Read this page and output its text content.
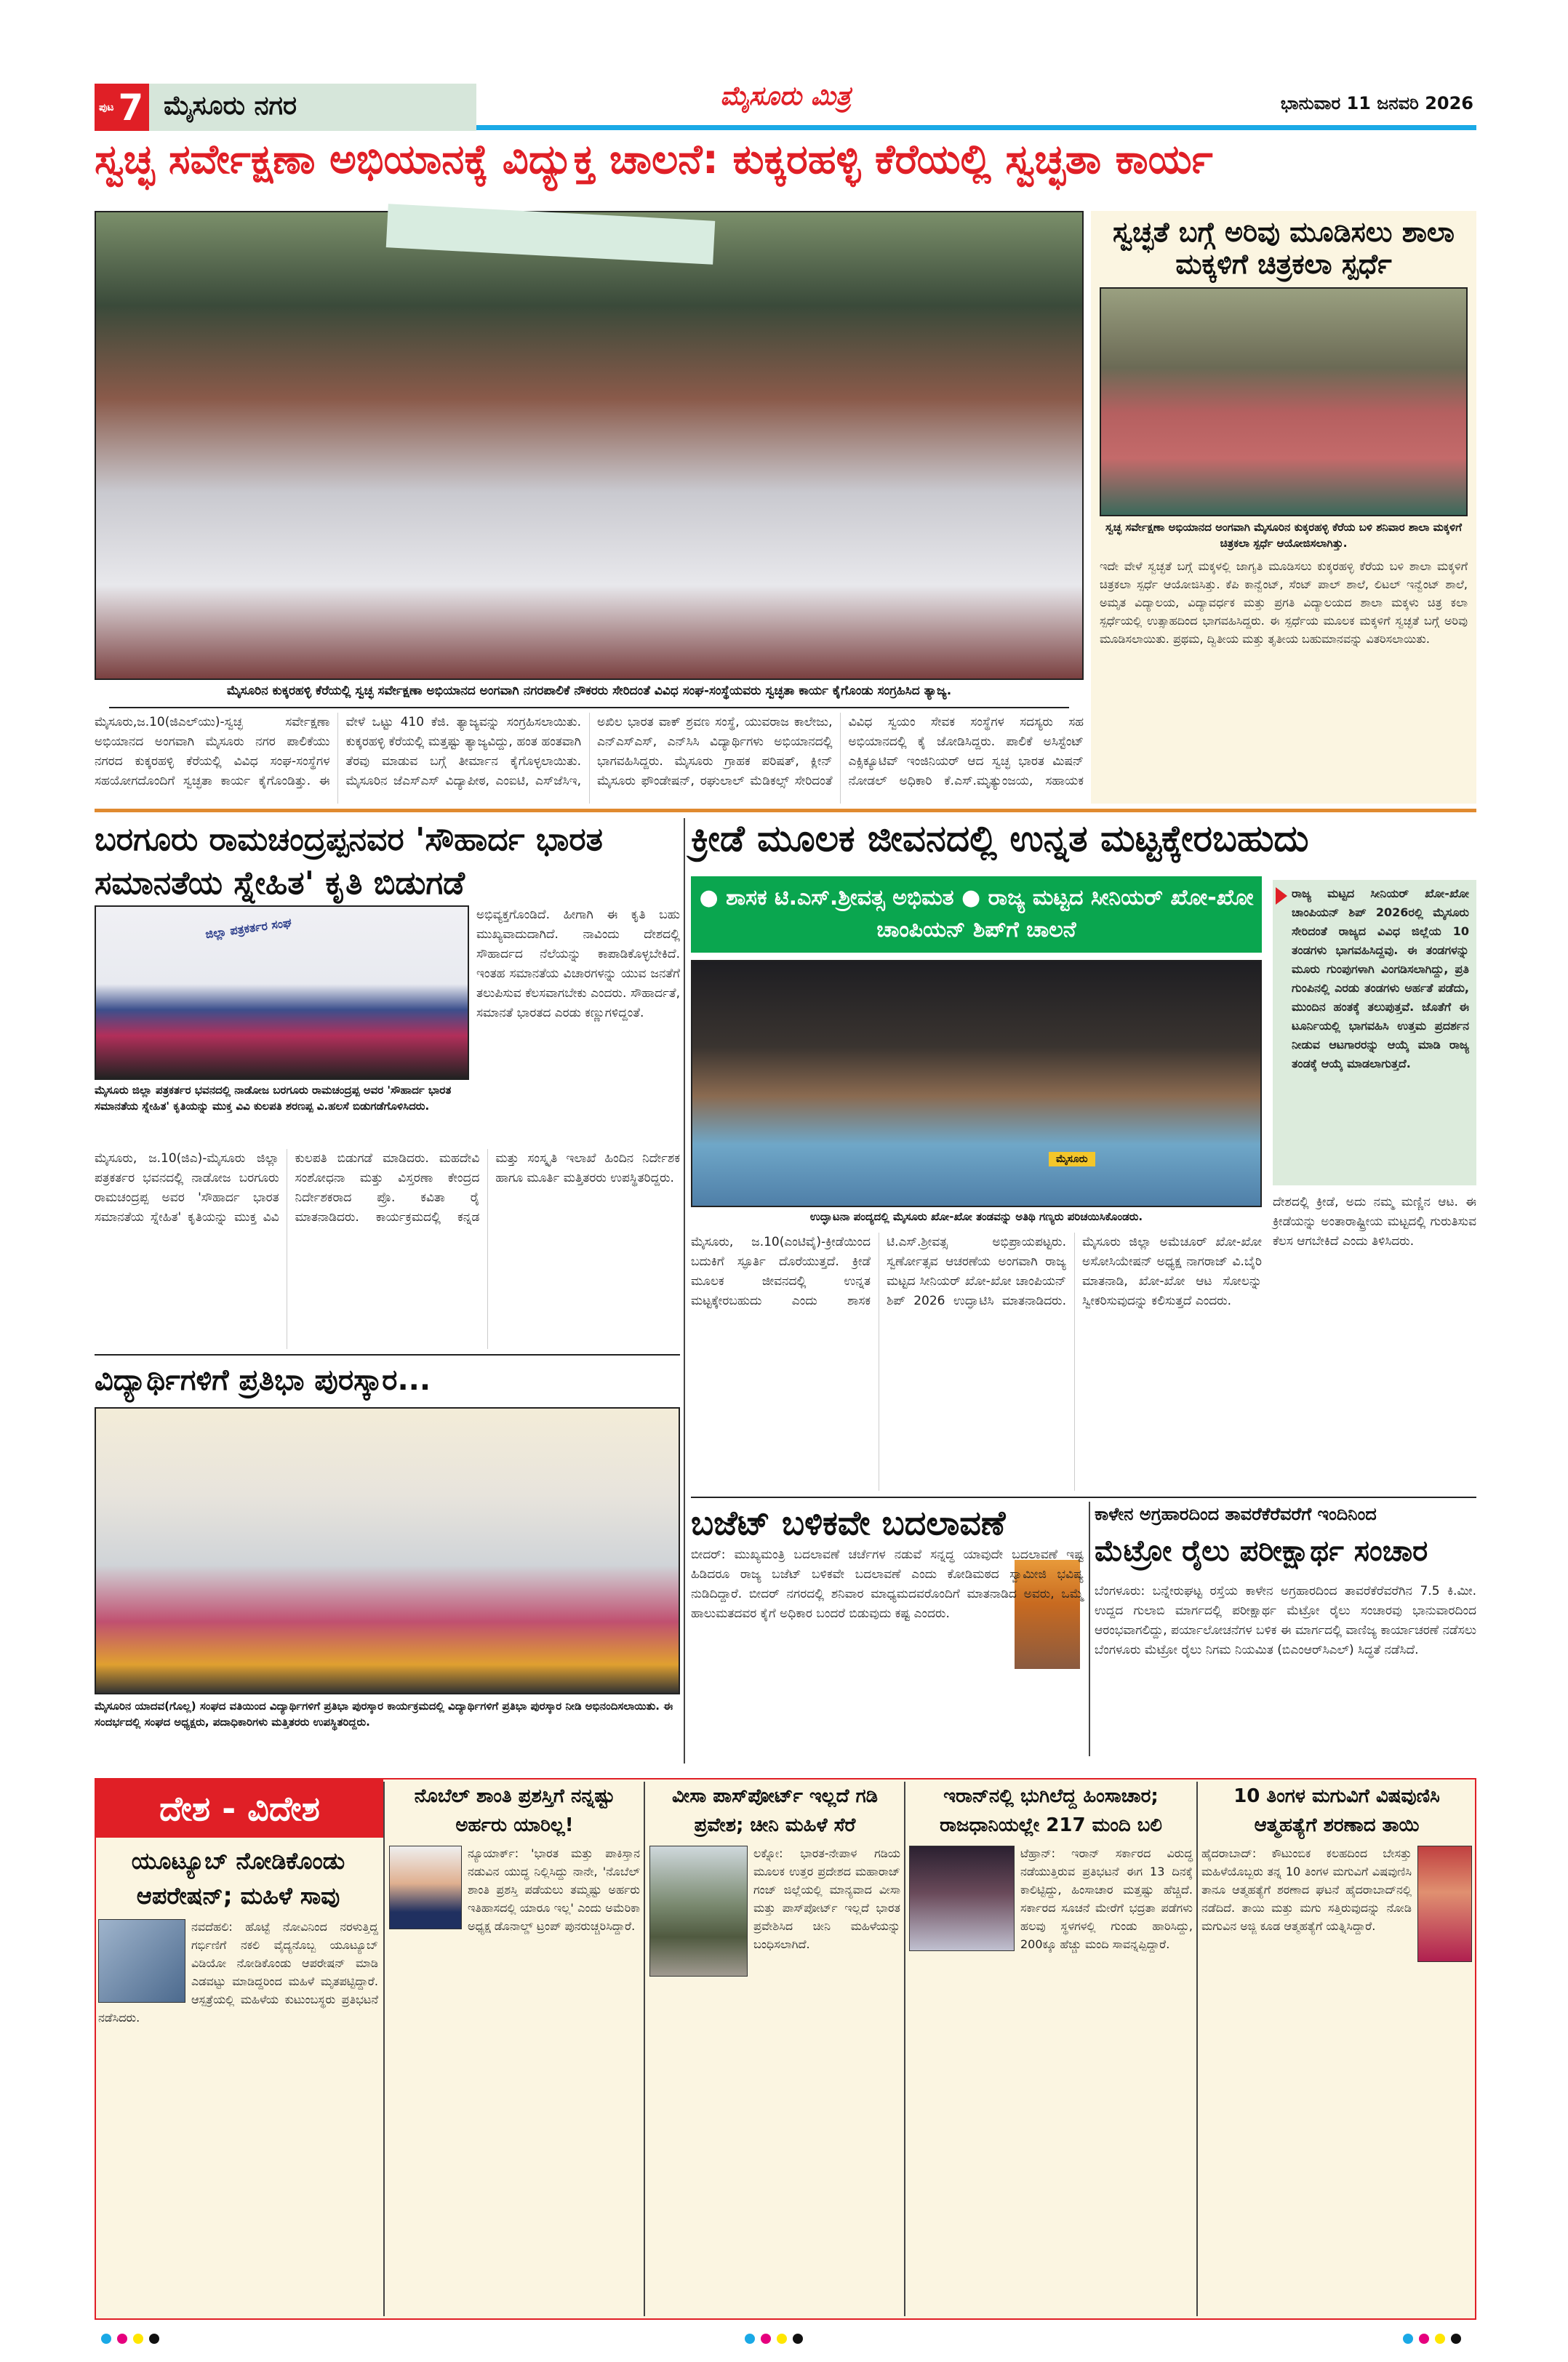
ಪುಟ 7 ಮೈಸೂರು ನಗರ	ಮೈಸೂರು ಮಿತ್ರ	ಭಾನುವಾರ 11 ಜನವರಿ 2026
ಸ್ವಚ್ಛ ಸರ್ವೇಕ್ಷಣಾ ಅಭಿಯಾನಕ್ಕೆ ವಿದ್ಯುಕ್ತ ಚಾಲನೆ: ಕುಕ್ಕರಹಳ್ಳಿ ಕೆರೆಯಲ್ಲಿ ಸ್ವಚ್ಛತಾ ಕಾರ್ಯ
ಮೈಸೂರಿನ ಕುಕ್ಕರಹಳ್ಳಿ ಕೆರೆಯಲ್ಲಿ ಸ್ವಚ್ಛ ಸರ್ವೇಕ್ಷಣಾ ಅಭಿಯಾನದ ಅಂಗವಾಗಿ ನಗರಪಾಲಿಕೆ ನೌಕರರು ಸೇರಿದಂತೆ ವಿವಿಧ ಸಂಘ-ಸಂಸ್ಥೆಯವರು ಸ್ವಚ್ಛತಾ ಕಾರ್ಯ ಕೈಗೊಂಡು ಸಂಗ್ರಹಿಸಿದ ತ್ಯಾಜ್ಯ.
ಮೈಸೂರು,ಜ.10(ಜಿಎಲ್‌ಯು)-ಸ್ವಚ್ಛ ಸರ್ವೇಕ್ಷಣಾ ಅಭಿಯಾನದ ಅಂಗವಾಗಿ ಮೈಸೂರು ನಗರ ಪಾಲಿಕೆಯು ನಗರದ ಕುಕ್ಕರಹಳ್ಳಿ ಕೆರೆಯಲ್ಲಿ ವಿವಿಧ ಸಂಘ-ಸಂಸ್ಥೆಗಳ ಸಹಯೋಗದೊಂದಿಗೆ ಸ್ವಚ್ಛತಾ ಕಾರ್ಯ ಕೈಗೊಂಡಿತ್ತು. ಈ ವೇಳೆ ಒಟ್ಟು 410 ಕೆಜಿ. ತ್ಯಾಜ್ಯವನ್ನು ಸಂಗ್ರಹಿಸಲಾಯಿತು. ಕುಕ್ಕರಹಳ್ಳಿ ಕೆರೆಯಲ್ಲಿ ಮತ್ತಷ್ಟು ತ್ಯಾಜ್ಯವಿದ್ದು, ಹಂತ ಹಂತವಾಗಿ ತೆರವು ಮಾಡುವ ಬಗ್ಗೆ ತೀರ್ಮಾನ ಕೈಗೊಳ್ಳಲಾಯಿತು. ಮೈಸೂರಿನ ಜೆಎಸ್‌ಎಸ್ ವಿದ್ಯಾಪೀಠ, ಎಂಐಟಿ, ಎಸ್‌ಜೆಸಿಇ, ಅಖಿಲ ಭಾರತ ವಾಕ್ ಶ್ರವಣ ಸಂಸ್ಥೆ, ಯುವರಾಜ ಕಾಲೇಜು, ಎನ್‌ಎಸ್‌ಎಸ್, ಎನ್‌ಸಿಸಿ ವಿದ್ಯಾರ್ಥಿಗಳು ಅಭಿಯಾನದಲ್ಲಿ ಭಾಗವಹಿಸಿದ್ದರು. ಮೈಸೂರು ಗ್ರಾಹಕ ಪರಿಷತ್, ಕ್ಲೀನ್ ಮೈಸೂರು ಫೌಂಡೇಷನ್, ರಘುಲಾಲ್ ಮೆಡಿಕಲ್ಸ್ ಸೇರಿದಂತೆ ವಿವಿಧ ಸ್ವಯಂ ಸೇವಕ ಸಂಸ್ಥೆಗಳ ಸದಸ್ಯರು ಸಹ ಅಭಿಯಾನದಲ್ಲಿ ಕೈ ಜೋಡಿಸಿದ್ದರು. ಪಾಲಿಕೆ ಅಸಿಸ್ಟೆಂಟ್ ಎಕ್ಸಿಕ್ಯೂಟಿವ್ ಇಂಜಿನಿಯರ್ ಆದ ಸ್ವಚ್ಛ ಭಾರತ ಮಿಷನ್ ನೋಡಲ್ ಅಧಿಕಾರಿ ಕೆ.ಎಸ್.ಮೃತ್ಯುಂಜಯ, ಸಹಾಯಕ
ಸ್ವಚ್ಛತೆ ಬಗ್ಗೆ ಅರಿವು ಮೂಡಿಸಲು ಶಾಲಾ ಮಕ್ಕಳಿಗೆ ಚಿತ್ರಕಲಾ ಸ್ಪರ್ಧೆ
ಸ್ವಚ್ಛ ಸರ್ವೇಕ್ಷಣಾ ಅಭಿಯಾನದ ಅಂಗವಾಗಿ ಮೈಸೂರಿನ ಕುಕ್ಕರಹಳ್ಳಿ ಕೆರೆಯ ಬಳಿ ಶನಿವಾರ ಶಾಲಾ ಮಕ್ಕಳಿಗೆ ಚಿತ್ರಕಲಾ ಸ್ಪರ್ಧೆ ಆಯೋಜಿಸಲಾಗಿತ್ತು.
ಇದೇ ವೇಳೆ ಸ್ವಚ್ಛತೆ ಬಗ್ಗೆ ಮಕ್ಕಳಲ್ಲಿ ಜಾಗೃತಿ ಮೂಡಿಸಲು ಕುಕ್ಕರಹಳ್ಳಿ ಕೆರೆಯ ಬಳಿ ಶಾಲಾ ಮಕ್ಕಳಿಗೆ ಚಿತ್ರಕಲಾ ಸ್ಪರ್ಧೆ ಆಯೋಜಿಸಿತ್ತು. ಕೆಪಿ ಕಾನ್ವೆಂಟ್, ಸೆಂಟ್ ಪಾಲ್ ಶಾಲೆ, ಲಿಟಲ್ ಇನ್ವೆಂಟ್ ಶಾಲೆ, ಅಮೃತ ವಿದ್ಯಾಲಯ, ವಿದ್ಯಾವರ್ಧಕ ಮತ್ತು ಪ್ರಗತಿ ವಿದ್ಯಾಲಯದ ಶಾಲಾ ಮಕ್ಕಳು ಚಿತ್ರ ಕಲಾ ಸ್ಪರ್ಧೆಯಲ್ಲಿ ಉತ್ಸಾಹದಿಂದ ಭಾಗವಹಿಸಿದ್ದರು. ಈ ಸ್ಪರ್ಧೆಯ ಮೂಲಕ ಮಕ್ಕಳಿಗೆ ಸ್ವಚ್ಛತೆ ಬಗ್ಗೆ ಅರಿವು ಮೂಡಿಸಲಾಯಿತು. ಪ್ರಥಮ, ದ್ವಿತೀಯ ಮತ್ತು ತೃತೀಯ ಬಹುಮಾನವನ್ನು ವಿತರಿಸಲಾಯಿತು.
ಬರಗೂರು ರಾಮಚಂದ್ರಪ್ಪನವರ 'ಸೌಹಾರ್ದ ಭಾರತ ಸಮಾನತೆಯ ಸ್ನೇಹಿತ' ಕೃತಿ ಬಿಡುಗಡೆ
ಜಿಲ್ಲಾ ಪತ್ರಕರ್ತರ ಸಂಘ
ಅಭಿವ್ಯಕ್ತಗೊಂಡಿದೆ. ಹೀಗಾಗಿ ಈ ಕೃತಿ ಬಹು ಮುಖ್ಯವಾದುದಾಗಿದೆ. ನಾವಿಂದು ದೇಶದಲ್ಲಿ ಸೌಹಾರ್ದದ ನೆಲೆಯನ್ನು ಕಾಪಾಡಿಕೊಳ್ಳಬೇಕಿದೆ. ಇಂತಹ ಸಮಾನತೆಯ ವಿಚಾರಗಳನ್ನು ಯುವ ಜನತೆಗೆ ತಲುಪಿಸುವ ಕೆಲಸವಾಗಬೇಕು ಎಂದರು. ಸೌಹಾರ್ದತೆ, ಸಮಾನತೆ ಭಾರತದ ಎರಡು ಕಣ್ಣುಗಳಿದ್ದಂತೆ.
ಮೈಸೂರು ಜಿಲ್ಲಾ ಪತ್ರಕರ್ತರ ಭವನದಲ್ಲಿ ನಾಡೋಜ ಬರಗೂರು ರಾಮಚಂದ್ರಪ್ಪ ಅವರ 'ಸೌಹಾರ್ದ ಭಾರತ ಸಮಾನತೆಯ ಸ್ನೇಹಿತ' ಕೃತಿಯನ್ನು ಮುಕ್ತ ವಿವಿ ಕುಲಪತಿ ಶರಣಪ್ಪ ವಿ.ಹಲಸೆ ಬಿಡುಗಡೆಗೊಳಿಸಿದರು.
ಮೈಸೂರು, ಜ.10(ಜಿಎ)-ಮೈಸೂರು ಜಿಲ್ಲಾ ಪತ್ರಕರ್ತರ ಭವನದಲ್ಲಿ ನಾಡೋಜ ಬರಗೂರು ರಾಮಚಂದ್ರಪ್ಪ ಅವರ 'ಸೌಹಾರ್ದ ಭಾರತ ಸಮಾನತೆಯ ಸ್ನೇಹಿತ' ಕೃತಿಯನ್ನು ಮುಕ್ತ ವಿವಿ ಕುಲಪತಿ ಬಿಡುಗಡೆ ಮಾಡಿದರು. ಮಹದೇವಿ ಸಂಶೋಧನಾ ಮತ್ತು ವಿಸ್ತರಣಾ ಕೇಂದ್ರದ ನಿರ್ದೇಶಕರಾದ ಪ್ರೊ. ಕವಿತಾ ರೈ ಮಾತನಾಡಿದರು. ಕಾರ್ಯಕ್ರಮದಲ್ಲಿ ಕನ್ನಡ ಮತ್ತು ಸಂಸ್ಕೃತಿ ಇಲಾಖೆ ಹಿಂದಿನ ನಿರ್ದೇಶಕ ಹಾಗೂ ಮೂರ್ತಿ ಮತ್ತಿತರರು ಉಪಸ್ಥಿತರಿದ್ದರು.
ವಿದ್ಯಾರ್ಥಿಗಳಿಗೆ ಪ್ರತಿಭಾ ಪುರಸ್ಕಾರ...
ಮೈಸೂರಿನ ಯಾದವ(ಗೊಲ್ಲ) ಸಂಘದ ವತಿಯಿಂದ ವಿದ್ಯಾರ್ಥಿಗಳಿಗೆ ಪ್ರತಿಭಾ ಪುರಸ್ಕಾರ ಕಾರ್ಯಕ್ರಮದಲ್ಲಿ ವಿದ್ಯಾರ್ಥಿಗಳಿಗೆ ಪ್ರತಿಭಾ ಪುರಸ್ಕಾರ ನೀಡಿ ಅಭಿನಂದಿಸಲಾಯಿತು. ಈ ಸಂದರ್ಭದಲ್ಲಿ ಸಂಘದ ಅಧ್ಯಕ್ಷರು, ಪದಾಧಿಕಾರಿಗಳು ಮತ್ತಿತರರು ಉಪಸ್ಥಿತರಿದ್ದರು.
ಕ್ರೀಡೆ ಮೂಲಕ ಜೀವನದಲ್ಲಿ ಉನ್ನತ ಮಟ್ಟಕ್ಕೇರಬಹುದು
● ಶಾಸಕ ಟಿ.ಎಸ್.ಶ್ರೀವತ್ಸ ಅಭಿಮತ ● ರಾಜ್ಯ ಮಟ್ಟದ ಸೀನಿಯರ್ ಖೋ-ಖೋ ಚಾಂಪಿಯನ್ ಶಿಪ್‌ಗೆ ಚಾಲನೆ
ಮೈಸೂರು
ಉದ್ಘಾಟನಾ ಪಂದ್ಯದಲ್ಲಿ ಮೈಸೂರು ಖೋ-ಖೋ ತಂಡವನ್ನು ಅತಿಥಿ ಗಣ್ಯರು ಪರಿಚಯಿಸಿಕೊಂಡರು.
ರಾಜ್ಯ ಮಟ್ಟದ ಸೀನಿಯರ್ ಖೋ-ಖೋ ಚಾಂಪಿಯನ್ ಶಿಪ್ 2026ರಲ್ಲಿ ಮೈಸೂರು ಸೇರಿದಂತೆ ರಾಜ್ಯದ ವಿವಿಧ ಜಿಲ್ಲೆಯ 10 ತಂಡಗಳು ಭಾಗವಹಿಸಿದ್ದವು. ಈ ತಂಡಗಳನ್ನು ಮೂರು ಗುಂಪುಗಳಾಗಿ ವಿಂಗಡಿಸಲಾಗಿದ್ದು, ಪ್ರತಿ ಗುಂಪಿನಲ್ಲಿ ಎರಡು ತಂಡಗಳು ಅರ್ಹತೆ ಪಡೆದು, ಮುಂದಿನ ಹಂತಕ್ಕೆ ತಲುಪುತ್ತವೆ. ಜೊತೆಗೆ ಈ ಟೂರ್ನಿಯಲ್ಲಿ ಭಾಗವಹಿಸಿ ಉತ್ತಮ ಪ್ರದರ್ಶನ ನೀಡುವ ಆಟಗಾರರನ್ನು ಆಯ್ಕೆ ಮಾಡಿ ರಾಜ್ಯ ತಂಡಕ್ಕೆ ಆಯ್ಕೆ ಮಾಡಲಾಗುತ್ತದೆ.
ದೇಶದಲ್ಲಿ ಕ್ರೀಡೆ, ಅದು ನಮ್ಮ ಮಣ್ಣಿನ ಆಟ. ಈ ಕ್ರೀಡೆಯನ್ನು ಅಂತಾರಾಷ್ಟ್ರೀಯ ಮಟ್ಟದಲ್ಲಿ ಗುರುತಿಸುವ ಕೆಲಸ ಆಗಬೇಕಿದೆ ಎಂದು ತಿಳಿಸಿದರು.
ಮೈಸೂರು, ಜ.10(ಎಂಟಿವೈ)-ಕ್ರೀಡೆಯಿಂದ ಬದುಕಿಗೆ ಸ್ಫೂರ್ತಿ ದೊರೆಯುತ್ತದೆ. ಕ್ರೀಡೆ ಮೂಲಕ ಜೀವನದಲ್ಲಿ ಉನ್ನತ ಮಟ್ಟಕ್ಕೇರಬಹುದು ಎಂದು ಶಾಸಕ ಟಿ.ಎಸ್.ಶ್ರೀವತ್ಸ ಅಭಿಪ್ರಾಯಪಟ್ಟರು. ಸ್ವರ್ಣೋತ್ಸವ ಆಚರಣೆಯ ಅಂಗವಾಗಿ ರಾಜ್ಯ ಮಟ್ಟದ ಸೀನಿಯರ್ ಖೋ-ಖೋ ಚಾಂಪಿಯನ್ ಶಿಪ್ 2026 ಉದ್ಘಾಟಿಸಿ ಮಾತನಾಡಿದರು. ಮೈಸೂರು ಜಿಲ್ಲಾ ಅಮೆಚೂರ್ ಖೋ-ಖೋ ಅಸೋಸಿಯೇಷನ್ ಅಧ್ಯಕ್ಷ ನಾಗರಾಜ್ ವಿ.ಬೈರಿ ಮಾತನಾಡಿ, ಖೋ-ಖೋ ಆಟ ಸೋಲನ್ನು ಸ್ವೀಕರಿಸುವುದನ್ನು ಕಲಿಸುತ್ತದೆ ಎಂದರು.
ಬಜೆಟ್ ಬಳಿಕವೇ ಬದಲಾವಣೆ
ಬೀದರ್: ಮುಖ್ಯಮಂತ್ರಿ ಬದಲಾವಣೆ ಚರ್ಚೆಗಳ ನಡುವೆ ಸನ್ನದ್ಧ ಯಾವುದೇ ಬದಲಾವಣೆ ಇಷ್ಟ ಹಿಡಿದರೂ ರಾಜ್ಯ ಬಜೆಟ್ ಬಳಿಕವೇ ಬದಲಾವಣೆ ಎಂದು ಕೋಡಿಮಠದ ಸ್ವಾಮೀಜಿ ಭವಿಷ್ಯ ನುಡಿದಿದ್ದಾರೆ. ಬೀದರ್ ನಗರದಲ್ಲಿ ಶನಿವಾರ ಮಾಧ್ಯಮದವರೊಂದಿಗೆ ಮಾತನಾಡಿದ ಅವರು, ಒಮ್ಮೆ ಹಾಲುಮತದವರ ಕೈಗೆ ಅಧಿಕಾರ ಬಂದರೆ ಬಿಡುವುದು ಕಷ್ಟ ಎಂದರು.
ಕಾಳೇನ ಅಗ್ರಹಾರದಿಂದ ತಾವರೆಕೆರೆವರೆಗೆ ಇಂದಿನಿಂದ
ಮೆಟ್ರೋ ರೈಲು ಪರೀಕ್ಷಾರ್ಥ ಸಂಚಾರ
ಬೆಂಗಳೂರು: ಬನ್ನೇರುಘಟ್ಟ ರಸ್ತೆಯ ಕಾಳೇನ ಅಗ್ರಹಾರದಿಂದ ತಾವರೆಕೆರೆವರೆಗಿನ 7.5 ಕಿ.ಮೀ. ಉದ್ದದ ಗುಲಾಬಿ ಮಾರ್ಗದಲ್ಲಿ ಪರೀಕ್ಷಾರ್ಥ ಮೆಟ್ರೋ ರೈಲು ಸಂಚಾರವು ಭಾನುವಾರದಿಂದ ಆರಂಭವಾಗಲಿದ್ದು, ಪರ್ಯಾಲೋಚನೆಗಳ ಬಳಿಕ ಈ ಮಾರ್ಗದಲ್ಲಿ ವಾಣಿಜ್ಯ ಕಾರ್ಯಾಚರಣೆ ನಡೆಸಲು ಬೆಂಗಳೂರು ಮೆಟ್ರೋ ರೈಲು ನಿಗಮ ನಿಯಮಿತ (ಬಿಎಂಆರ್‌ಸಿಎಲ್) ಸಿದ್ಧತೆ ನಡೆಸಿದೆ.
ದೇಶ - ವಿದೇಶ
ಯೂಟ್ಯೂಬ್ ನೋಡಿಕೊಂಡು ಆಪರೇಷನ್; ಮಹಿಳೆ ಸಾವು
ನವದೆಹಲಿ: ಹೊಟ್ಟೆ ನೋವಿನಿಂದ ನರಳುತ್ತಿದ್ದ ಗರ್ಭಿಣಿಗೆ ನಕಲಿ ವೈದ್ಯನೊಬ್ಬ ಯೂಟ್ಯೂಬ್ ವಿಡಿಯೋ ನೋಡಿಕೊಂಡು ಆಪರೇಷನ್ ಮಾಡಿ ಎಡವಟ್ಟು ಮಾಡಿದ್ದರಿಂದ ಮಹಿಳೆ ಮೃತಪಟ್ಟಿದ್ದಾರೆ. ಆಸ್ಪತ್ರೆಯಲ್ಲಿ ಮಹಿಳೆಯ ಕುಟುಂಬಸ್ಥರು ಪ್ರತಿಭಟನೆ ನಡೆಸಿದರು.
ನೊಬೆಲ್ ಶಾಂತಿ ಪ್ರಶಸ್ತಿಗೆ ನನ್ನಷ್ಟು ಅರ್ಹರು ಯಾರಿಲ್ಲ!
ನ್ಯೂಯಾರ್ಕ್: 'ಭಾರತ ಮತ್ತು ಪಾಕಿಸ್ತಾನ ನಡುವಿನ ಯುದ್ಧ ನಿಲ್ಲಿಸಿದ್ದು ನಾನೇ, 'ನೊಬೆಲ್ ಶಾಂತಿ ಪ್ರಶಸ್ತಿ ಪಡೆಯಲು ತಮ್ಮಷ್ಟು ಅರ್ಹರು ಇತಿಹಾಸದಲ್ಲಿ ಯಾರೂ ಇಲ್ಲ' ಎಂದು ಅಮೆರಿಕಾ ಅಧ್ಯಕ್ಷ ಡೊನಾಲ್ಡ್ ಟ್ರಂಪ್ ಪುನರುಚ್ಚರಿಸಿದ್ದಾರೆ.
ವೀಸಾ ಪಾಸ್‌ಪೋರ್ಟ್ ಇಲ್ಲದೆ ಗಡಿ ಪ್ರವೇಶ; ಚೀನಿ ಮಹಿಳೆ ಸೆರೆ
ಲಕ್ನೋ: ಭಾರತ-ನೇಪಾಳ ಗಡಿಯ ಮೂಲಕ ಉತ್ತರ ಪ್ರದೇಶದ ಮಹಾರಾಜ್ ಗಂಜ್ ಜಿಲ್ಲೆಯಲ್ಲಿ ಮಾನ್ಯವಾದ ವೀಸಾ ಮತ್ತು ಪಾಸ್‌ಪೋರ್ಟ್ ಇಲ್ಲದೆ ಭಾರತ ಪ್ರವೇಶಿಸಿದ ಚೀನಿ ಮಹಿಳೆಯನ್ನು ಬಂಧಿಸಲಾಗಿದೆ.
ಇರಾನ್‌ನಲ್ಲಿ ಭುಗಿಲೆದ್ದ ಹಿಂಸಾಚಾರ; ರಾಜಧಾನಿಯಲ್ಲೇ 217 ಮಂದಿ ಬಲಿ
ಟೆಹ್ರಾನ್: ಇರಾನ್ ಸರ್ಕಾರದ ವಿರುದ್ಧ ನಡೆಯುತ್ತಿರುವ ಪ್ರತಿಭಟನೆ ಈಗ 13 ದಿನಕ್ಕೆ ಕಾಲಿಟ್ಟಿದ್ದು, ಹಿಂಸಾಚಾರ ಮತ್ತಷ್ಟು ಹೆಚ್ಚಿದೆ. ಸರ್ಕಾರದ ಸೂಚನೆ ಮೇರೆಗೆ ಭದ್ರತಾ ಪಡೆಗಳು ಹಲವು ಸ್ಥಳಗಳಲ್ಲಿ ಗುಂಡು ಹಾರಿಸಿದ್ದು, 200ಕ್ಕೂ ಹೆಚ್ಚು ಮಂದಿ ಸಾವನ್ನಪ್ಪಿದ್ದಾರೆ.
10 ತಿಂಗಳ ಮಗುವಿಗೆ ವಿಷವುಣಿಸಿ ಆತ್ಮಹತ್ಯೆಗೆ ಶರಣಾದ ತಾಯಿ
ಹೈದರಾಬಾದ್: ಕೌಟುಂಬಿಕ ಕಲಹದಿಂದ ಬೇಸತ್ತು ಮಹಿಳೆಯೊಬ್ಬರು ತನ್ನ 10 ತಿಂಗಳ ಮಗುವಿಗೆ ವಿಷವುಣಿಸಿ ತಾನೂ ಆತ್ಮಹತ್ಯೆಗೆ ಶರಣಾದ ಘಟನೆ ಹೈದರಾಬಾದ್‌ನಲ್ಲಿ ನಡೆದಿದೆ. ತಾಯಿ ಮತ್ತು ಮಗು ಸತ್ತಿರುವುದನ್ನು ನೋಡಿ ಮಗುವಿನ ಅಜ್ಜಿ ಕೂಡ ಆತ್ಮಹತ್ಯೆಗೆ ಯತ್ನಿಸಿದ್ದಾರೆ.
